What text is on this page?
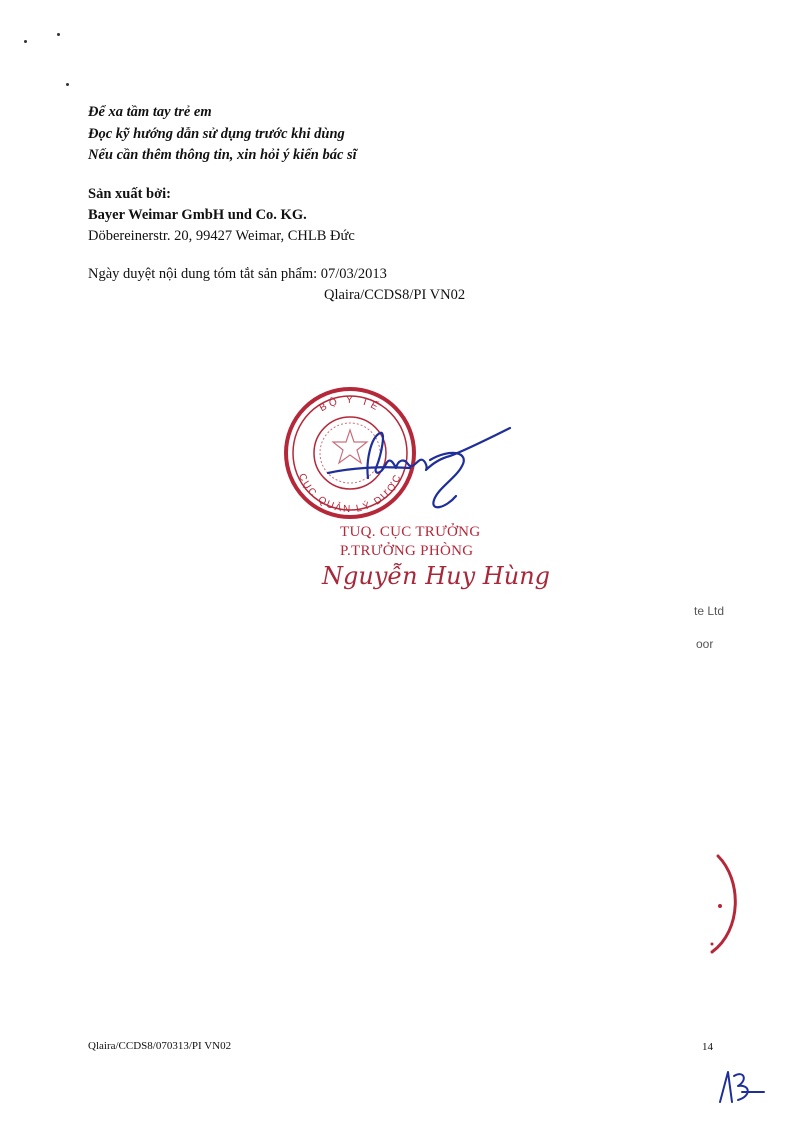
Để xa tầm tay trẻ em
Đọc kỹ hướng dẫn sử dụng trước khi dùng
Nếu cần thêm thông tin, xin hỏi ý kiến bác sĩ
Sản xuất bởi:
Bayer Weimar GmbH und Co. KG.
Döbereinerstr. 20, 99427 Weimar, CHLB Đức
Ngày duyệt nội dung tóm tắt sản phẩm: 07/03/2013
Qlaira/CCDS8/PI VN02
BỘ Y TẾ
CỤC QUẢN LÝ DƯỢC
TUQ. CỤC TRƯỞNG
P.TRƯỞNG PHÒNG
Nguyễn Huy Hùng
te Ltd
oor
Qlaira/CCDS8/070313/PI VN02	14
